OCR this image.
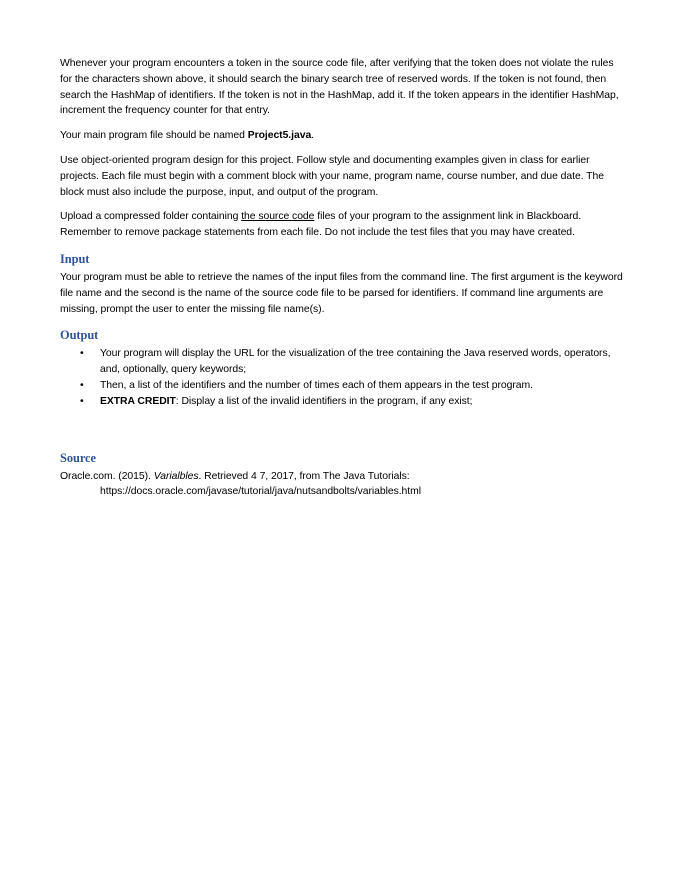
Whenever your program encounters a token in the source code file, after verifying that the token does not violate the rules for the characters shown above, it should search the binary search tree of reserved words. If the token is not found, then search the HashMap of identifiers. If the token is not in the HashMap, add it. If the token appears in the identifier HashMap, increment the frequency counter for that entry.

Your main program file should be named Project5.java.

Use object-oriented program design for this project. Follow style and documenting examples given in class for earlier projects. Each file must begin with a comment block with your name, program name, course number, and due date. The block must also include the purpose, input, and output of the program.

Upload a compressed folder containing the source code files of your program to the assignment link in Blackboard. Remember to remove package statements from each file. Do not include the test files that you may have created.

Input

Your program must be able to retrieve the names of the input files from the command line. The first argument is the keyword file name and the second is the name of the source code file to be parsed for identifiers. If command line arguments are missing, prompt the user to enter the missing file name(s).

Output
• Your program will display the URL for the visualization of the tree containing the Java reserved words, operators, and, optionally, query keywords;
• Then, a list of the identifiers and the number of times each of them appears in the test program.
• EXTRA CREDIT: Display a list of the invalid identifiers in the program, if any exist;
Source
Oracle.com. (2015). Varialbles. Retrieved 4 7, 2017, from The Java Tutorials:
https://docs.oracle.com/javase/tutorial/java/nutsandbolts/variables.html
